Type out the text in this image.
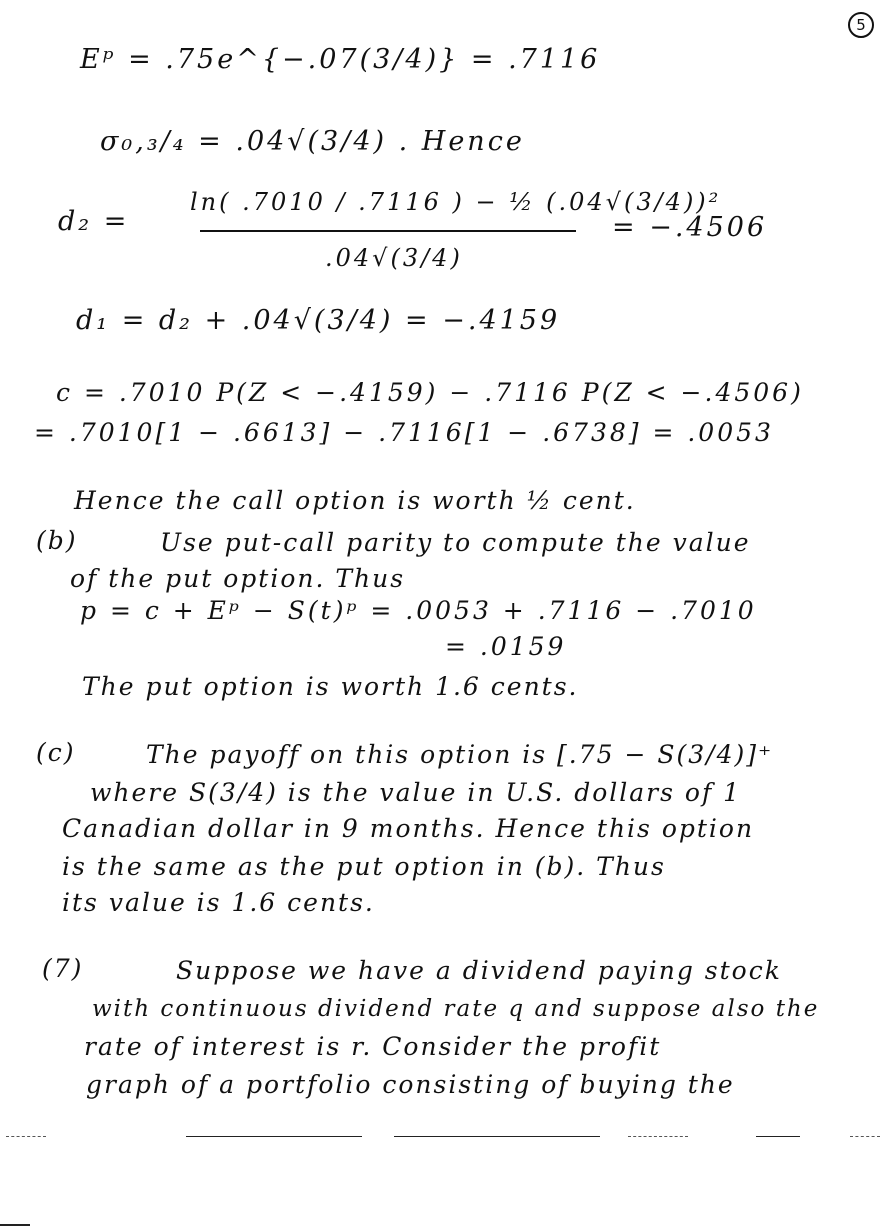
5
Eᵖ = .75e^{−.07(3/4)} = .7116
σ₀,₃/₄ = .04√(3/4) . Hence
d₂ =
ln( .7010 / .7116 ) − ½ (.04√(3/4))²
.04√(3/4)
= −.4506
d₁ = d₂ + .04√(3/4) = −.4159
c = .7010 P(Z < −.4159) − .7116 P(Z < −.4506)
= .7010[1 − .6613] − .7116[1 − .6738] = .0053
Hence the call option is worth ½ cent.
(b)	Use put-call parity to compute the value
of the put option. Thus
p = c + Eᵖ − S(t)ᵖ = .0053 + .7116 − .7010
= .0159
The put option is worth 1.6 cents.
(c)	The payoff on this option is [.75 − S(3/4)]⁺
where S(3/4) is the value in U.S. dollars of 1
Canadian dollar in 9 months. Hence this option
is the same as the put option in (b). Thus
its value is 1.6 cents.
(7)	Suppose we have a dividend paying stock
with continuous dividend rate q and suppose also the
rate of interest is r. Consider the profit
graph of a portfolio consisting of buying the
